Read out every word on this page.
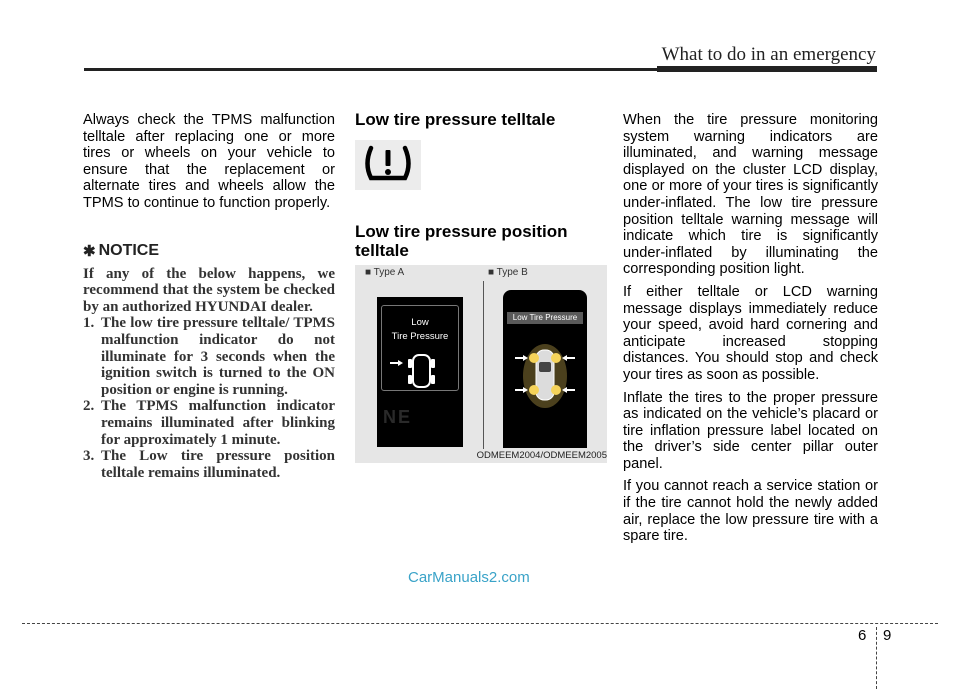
What to do in an emergency

Always check the TPMS malfunction telltale after replacing one or more tires or wheels on your vehicle to ensure that the replacement or alternate tires and wheels allow the TPMS to continue to function properly.

✱ NOTICE

If any of the below happens, we recommend that the system be checked by an authorized HYUNDAI dealer.

1. The low tire pressure telltale/ TPMS malfunction indicator do not illuminate for 3 seconds when the ignition switch is turned to the ON position or engine is running.
2. The TPMS malfunction indicator remains illuminated after blinking for approximately 1 minute.
3. The Low tire pressure position telltale remains illuminated.
Low tire pressure telltale
Low tire pressure position telltale
■ Type A	■ Type B
Low
Tire Pressure
NE
Low Tire Pressure
ODMEEM2004/ODMEEM2005

When the tire pressure monitoring system warning indicators are illuminated, and warning message displayed on the cluster LCD display, one or more of your tires is significantly under-inflated. The low tire pressure position telltale warning message will indicate which tire is significantly under-inflated by illuminating the corresponding position light.

If either telltale or LCD warning message displays immediately reduce your speed, avoid hard cornering and anticipate increased stopping distances. You should stop and check your tires as soon as possible.

Inflate the tires to the proper pressure as indicated on the vehicle’s placard or tire inflation pressure label located on the driver’s side center pillar outer panel.

If you cannot reach a service station or if the tire cannot hold the newly added air, replace the low pressure tire with a spare tire.

CarManuals2.com
6 9
